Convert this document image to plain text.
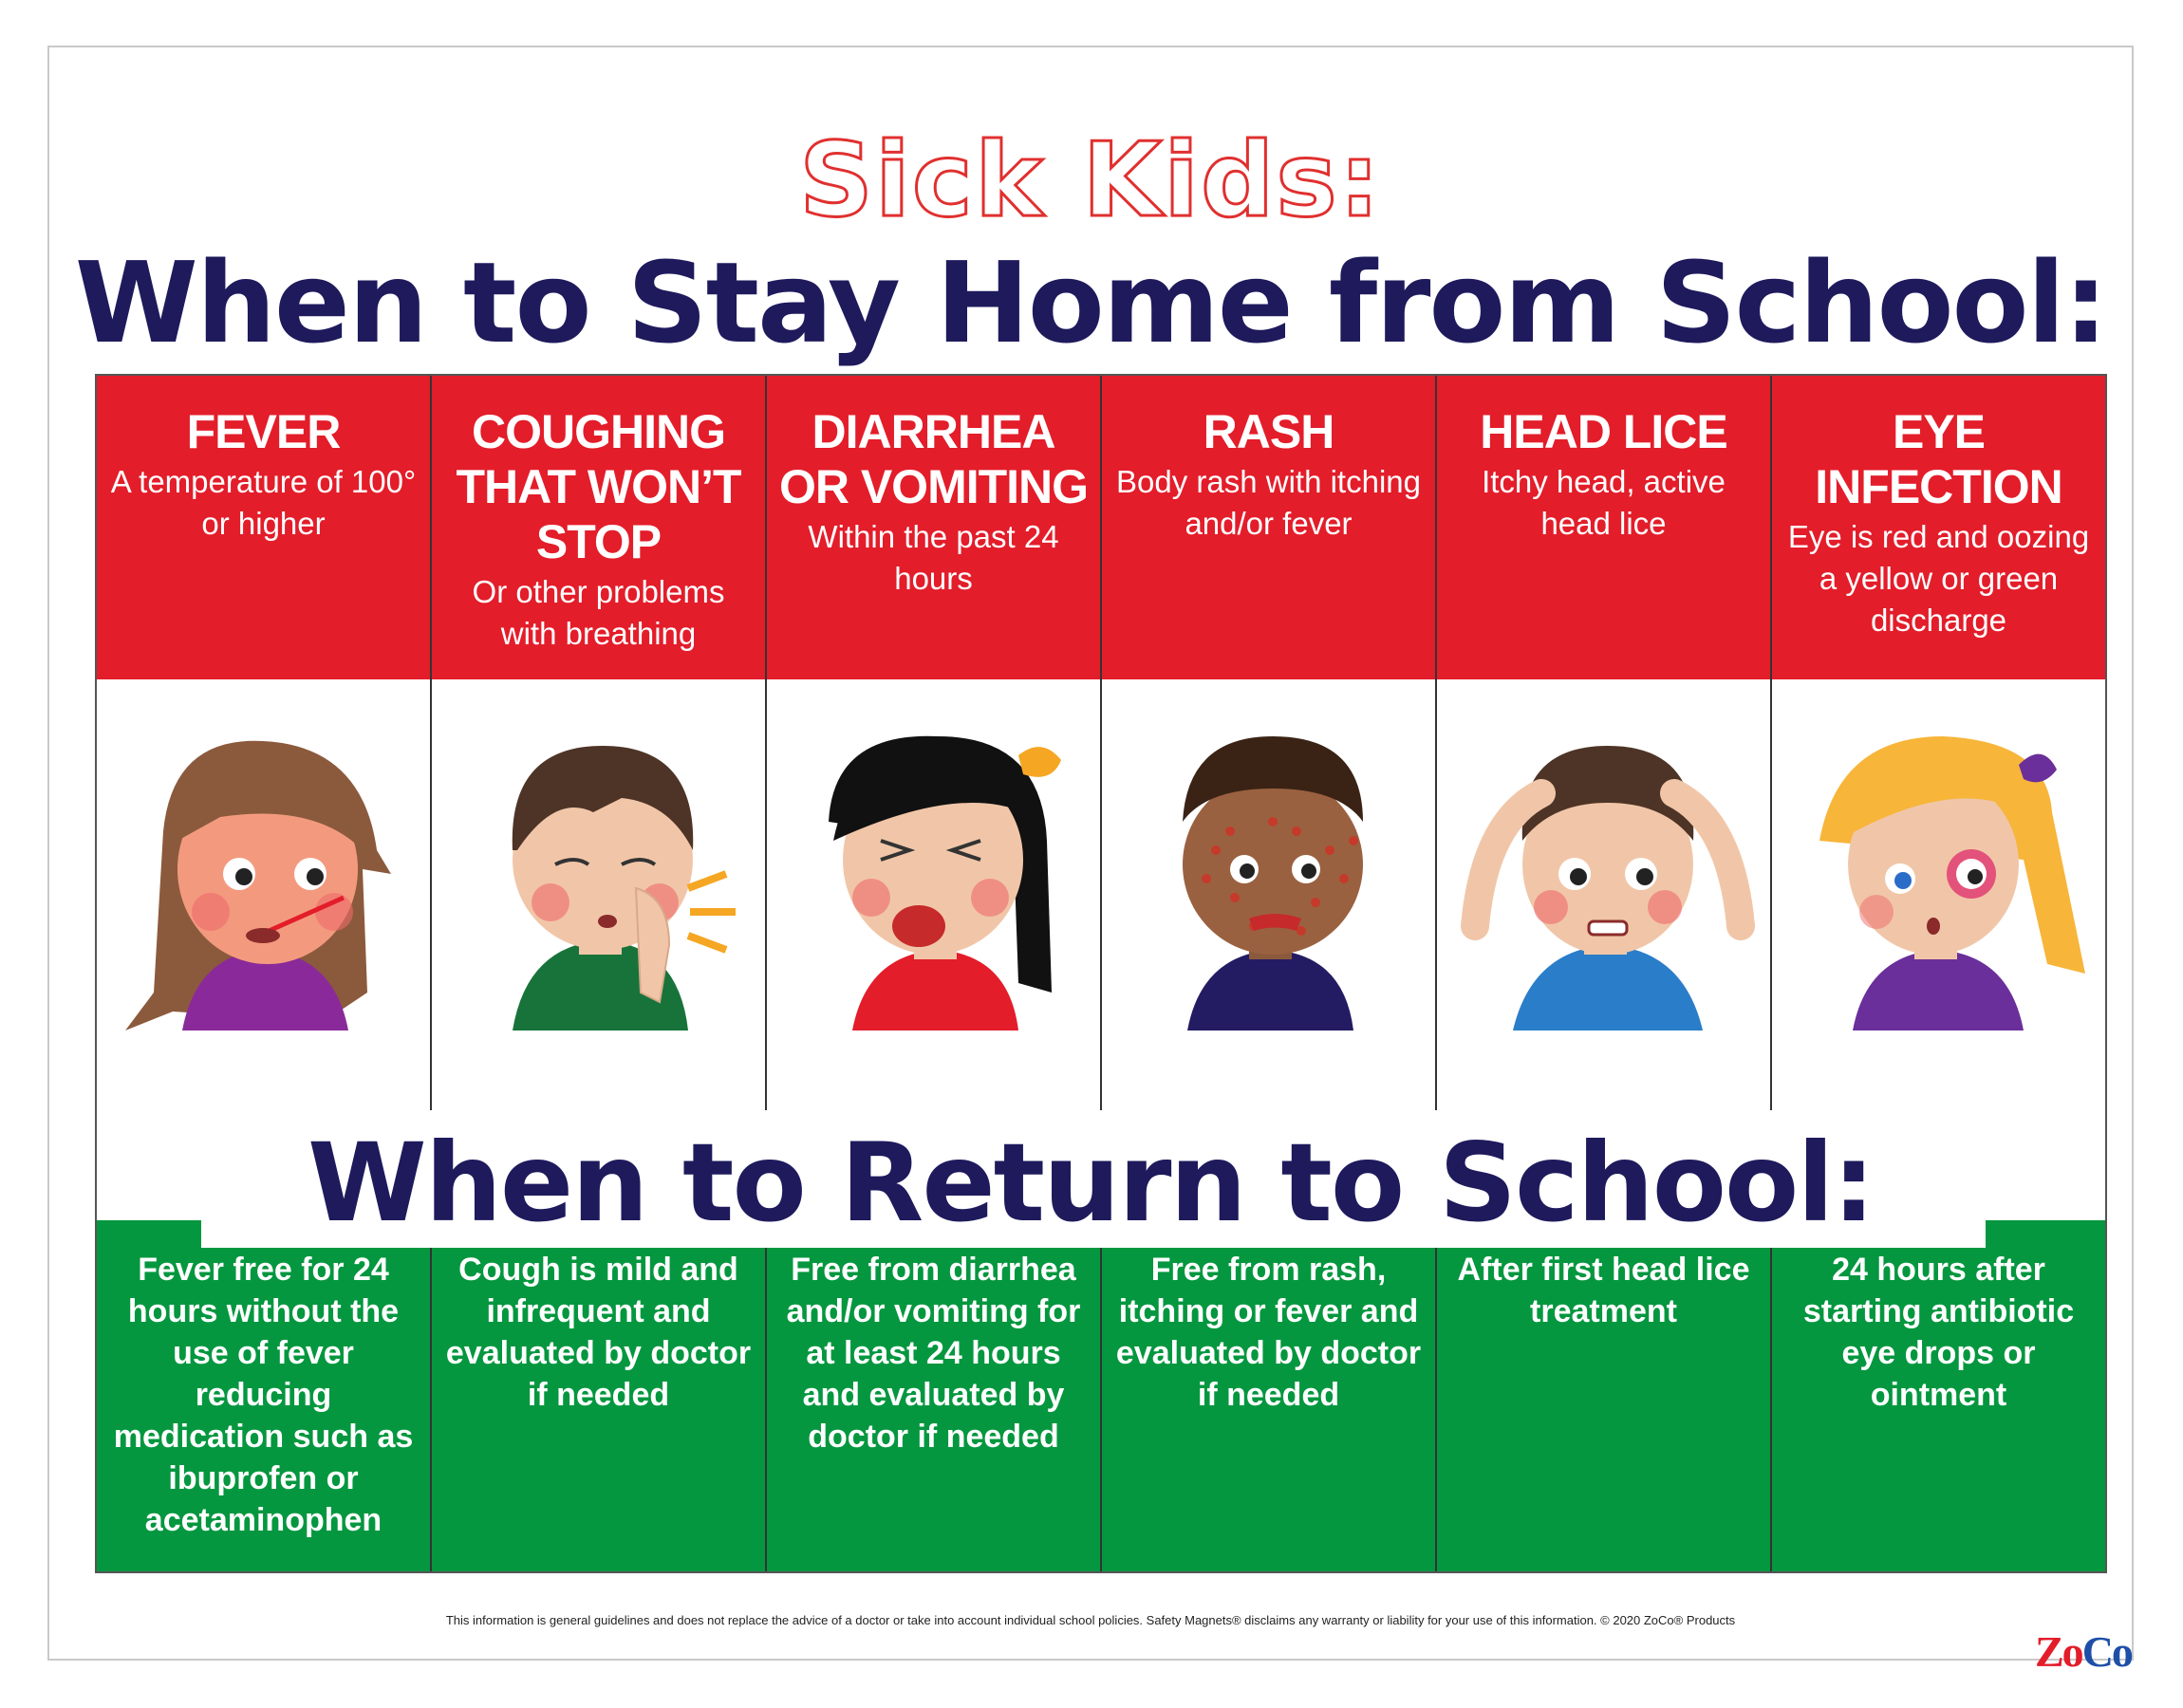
Sick Kids:
When to Stay Home from School:
FEVER
A temperature of 100° or higher
COUGHING THAT WON’T STOP
Or other problems with breathing
DIARRHEA OR VOMITING
Within the past 24 hours
RASH
Body rash with itching and/or fever
HEAD LICE
Itchy head, active head lice
EYE INFECTION
Eye is red and oozing a yellow or green discharge
Fever free for 24 hours without the use of fever reducing medication such as ibuprofen or acetaminophen
Cough is mild and infrequent and evaluated by doctor if needed
Free from diarrhea and/or vomiting for at least 24 hours and evaluated by doctor if needed
Free from rash, itching or fever and evaluated by doctor if needed
After first head lice treatment
24 hours after starting antibiotic eye drops or ointment
When to Return to School:
This information is general guidelines and does not replace the advice of a doctor or take into account individual school policies. Safety Magnets® disclaims any warranty or liability for your use of this information. © 2020 ZoCo® Products
ZoCo
